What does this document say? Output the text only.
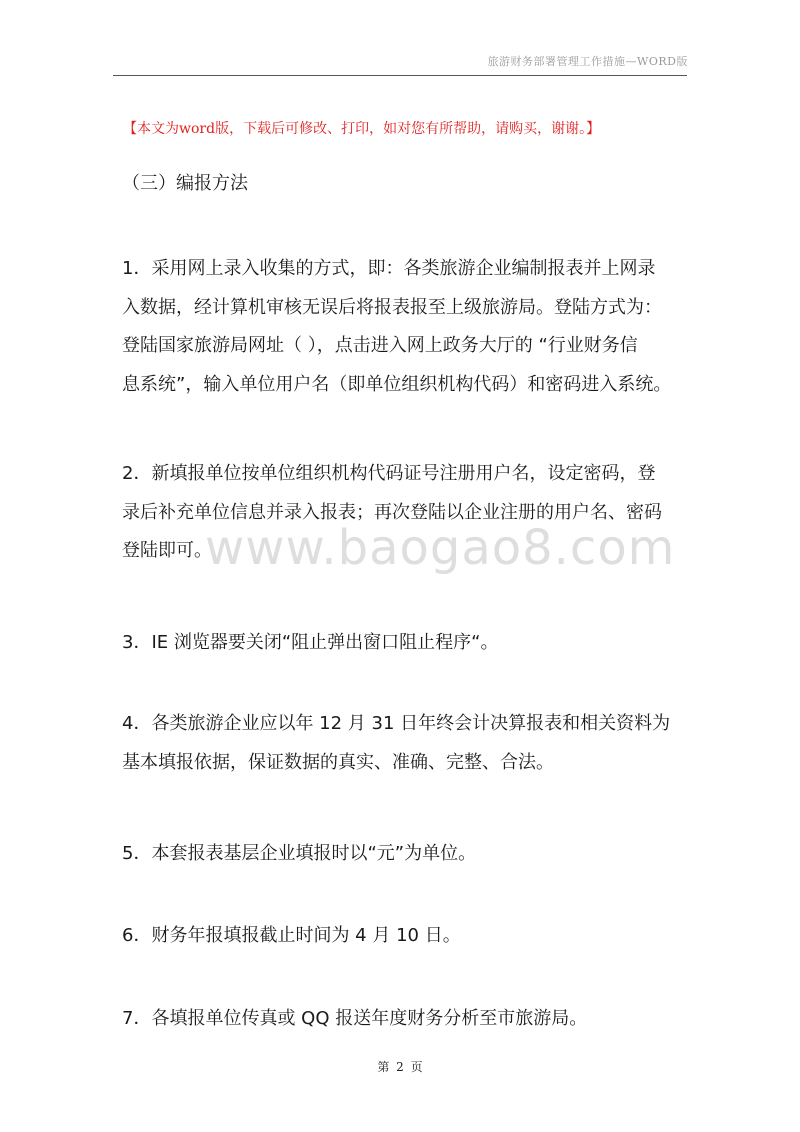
旅游财务部署管理工作措施—WORD版
【本文为word版，下载后可修改、打印，如对您有所帮助，请购买，谢谢。】
（三）编报方法
1．采用网上录入收集的方式，即：各类旅游企业编制报表并上网录
入数据，经计算机审核无误后将报表报至上级旅游局。登陆方式为：
登陆国家旅游局网址（ ），点击进入网上政务大厅的 “行业财务信
息系统”，输入单位用户名（即单位组织机构代码）和密码进入系统。
2．新填报单位按单位组织机构代码证号注册用户名，设定密码，登
录后补充单位信息并录入报表；再次登陆以企业注册的用户名、密码
登陆即可。
3．IE 浏览器要关闭“阻止弹出窗口阻止程序“。
4．各类旅游企业应以年 12 月 31 日年终会计决算报表和相关资料为
基本填报依据，保证数据的真实、准确、完整、合法。
5．本套报表基层企业填报时以“元”为单位。
6．财务年报填报截止时间为 4 月 10 日。
7．各填报单位传真或 QQ 报送年度财务分析至市旅游局。
www.baogao8.com
第 2 页
